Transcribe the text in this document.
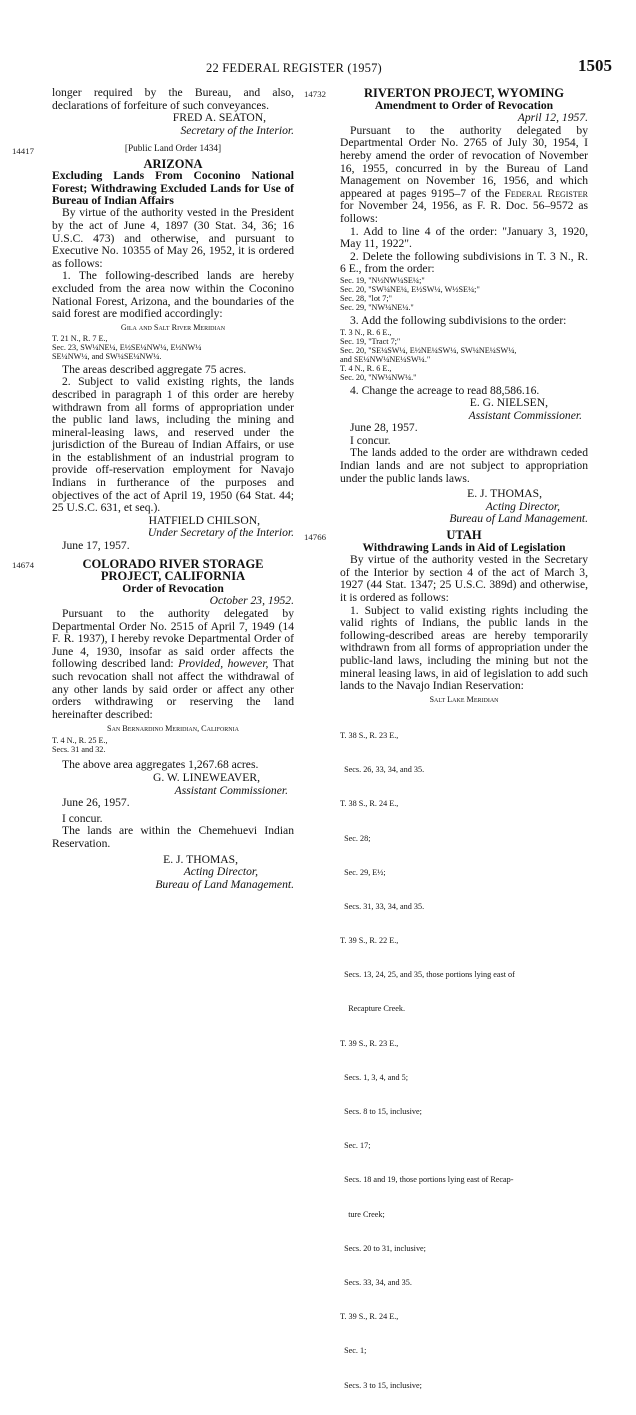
22 FEDERAL REGISTER (1957)	1505

longer required by the Bureau, and also, declarations of forfeiture of such conveyances.

FRED A. SEATON,

Secretary of the Interior.

14417	[Public Land Order 1434]

ARIZONA

Excluding Lands From Coconino National Forest; Withdrawing Excluded Lands for Use of Bureau of Indian Affairs

By virtue of the authority vested in the President by the act of June 4, 1897 (30 Stat. 34, 36; 16 U.S.C. 473) and otherwise, and pursuant to Executive No. 10355 of May 26, 1952, it is ordered as follows:

1. The following-described lands are hereby excluded from the area now within the Coconino National Forest, Arizona, and the boundaries of the said forest are modified accordingly:

Gila and Salt River Meridian

T. 21 N., R. 7 E.,

Sec. 23, SW¼NE¼, E½SE¼NW¼, E½NW¼

SE¼NW¼, and SW¼SE¼NW¼.

The areas described aggregate 75 acres.

2. Subject to valid existing rights, the lands described in paragraph 1 of this order are hereby withdrawn from all forms of appropriation under the public land laws, including the mining and mineral-leasing laws, and reserved under the jurisdiction of the Bureau of Indian Affairs, or use in the establishment of an industrial program to provide off-reservation employment for Navajo Indians in furtherance of the purposes and objectives of the act of April 19, 1950 (64 Stat. 44; 25 U.S.C. 631, et seq.).

HATFIELD CHILSON,

Under Secretary of the Interior.

June 17, 1957.

14674	COLORADO RIVER STORAGE

PROJECT, CALIFORNIA

Order of Revocation

October 23, 1952.

Pursuant to the authority delegated by Departmental Order No. 2515 of April 7, 1949 (14 F. R. 1937), I hereby revoke Departmental Order of June 4, 1930, insofar as said order affects the following described land: Provided, however, That such revocation shall not affect the withdrawal of any other lands by said order or affect any other orders withdrawing or reserving the land hereinafter described:

San Bernardino Meridian, California

T. 4 N., R. 25 E.,

Secs. 31 and 32.

The above area aggregates 1,267.68 acres.

G. W. LINEWEAVER,

Assistant Commissioner.

June 26, 1957.

I concur.

The lands are within the Chemehuevi Indian Reservation.

E. J. THOMAS,

Acting Director,

Bureau of Land Management.

14732	RIVERTON PROJECT, WYOMING

Amendment to Order of Revocation

April 12, 1957.

Pursuant to the authority delegated by Departmental Order No. 2765 of July 30, 1954, I hereby amend the order of revocation of November 16, 1955, concurred in by the Bureau of Land Management on November 16, 1956, and which appeared at pages 9195–7 of the Federal Register for November 24, 1956, as F. R. Doc. 56–9572 as follows:

1. Add to line 4 of the order: "January 3, 1920, May 11, 1922".

2. Delete the following subdivisions in T. 3 N., R. 6 E., from the order:

Sec. 19, "N½NW¼SE¼;"

Sec. 20, "SW¼NE¼, E½SW¼, W½SE¼;"

Sec. 28, "lot 7;"

Sec. 29, "NW¼NE¼."

3. Add the following subdivisions to the order:

T. 3 N., R. 6 E.,

Sec. 19, "Tract 7;"

Sec. 20, "SE¼SW¼, E½NE¼SW¼, SW¼NE¼SW¼,

and SE¼NW¼NE¼SW¼."

T. 4 N., R. 6 E.,

Sec. 20, "NW¼NW¼."

4. Change the acreage to read 88,586.16.

E. G. NIELSEN,

Assistant Commissioner.

June 28, 1957.

I concur.

The lands added to the order are withdrawn ceded Indian lands and are not subject to appropriation under the public lands laws.

E. J. THOMAS,

Acting Director,

Bureau of Land Management.

14766	UTAH

Withdrawing Lands in Aid of Legislation

By virtue of the authority vested in the Secretary of the Interior by section 4 of the act of March 3, 1927 (44 Stat. 1347; 25 U.S.C. 389d) and otherwise, it is ordered as follows:

1. Subject to valid existing rights including the valid rights of Indians, the public lands in the following-described areas are hereby temporarily withdrawn from all forms of appropriation under the public-land laws, including the mining but not the mineral leasing laws, in aid of legislation to add such lands to the Navajo Indian Reservation:

Salt Lake Meridian

T. 38 S., R. 23 E.,

Secs. 26, 33, 34, and 35.

T. 38 S., R. 24 E.,

Sec. 28;

Sec. 29, E½;

Secs. 31, 33, 34, and 35.

T. 39 S., R. 22 E.,

Secs. 13, 24, 25, and 35, those portions lying east of

Recapture Creek.

T. 39 S., R. 23 E.,

Secs. 1, 3, 4, and 5;

Secs. 8 to 15, inclusive;

Sec. 17;

Secs. 18 and 19, those portions lying east of Recap-

ture Creek;

Secs. 20 to 31, inclusive;

Secs. 33, 34, and 35.

T. 39 S., R. 24 E.,

Sec. 1;

Secs. 3 to 15, inclusive;
